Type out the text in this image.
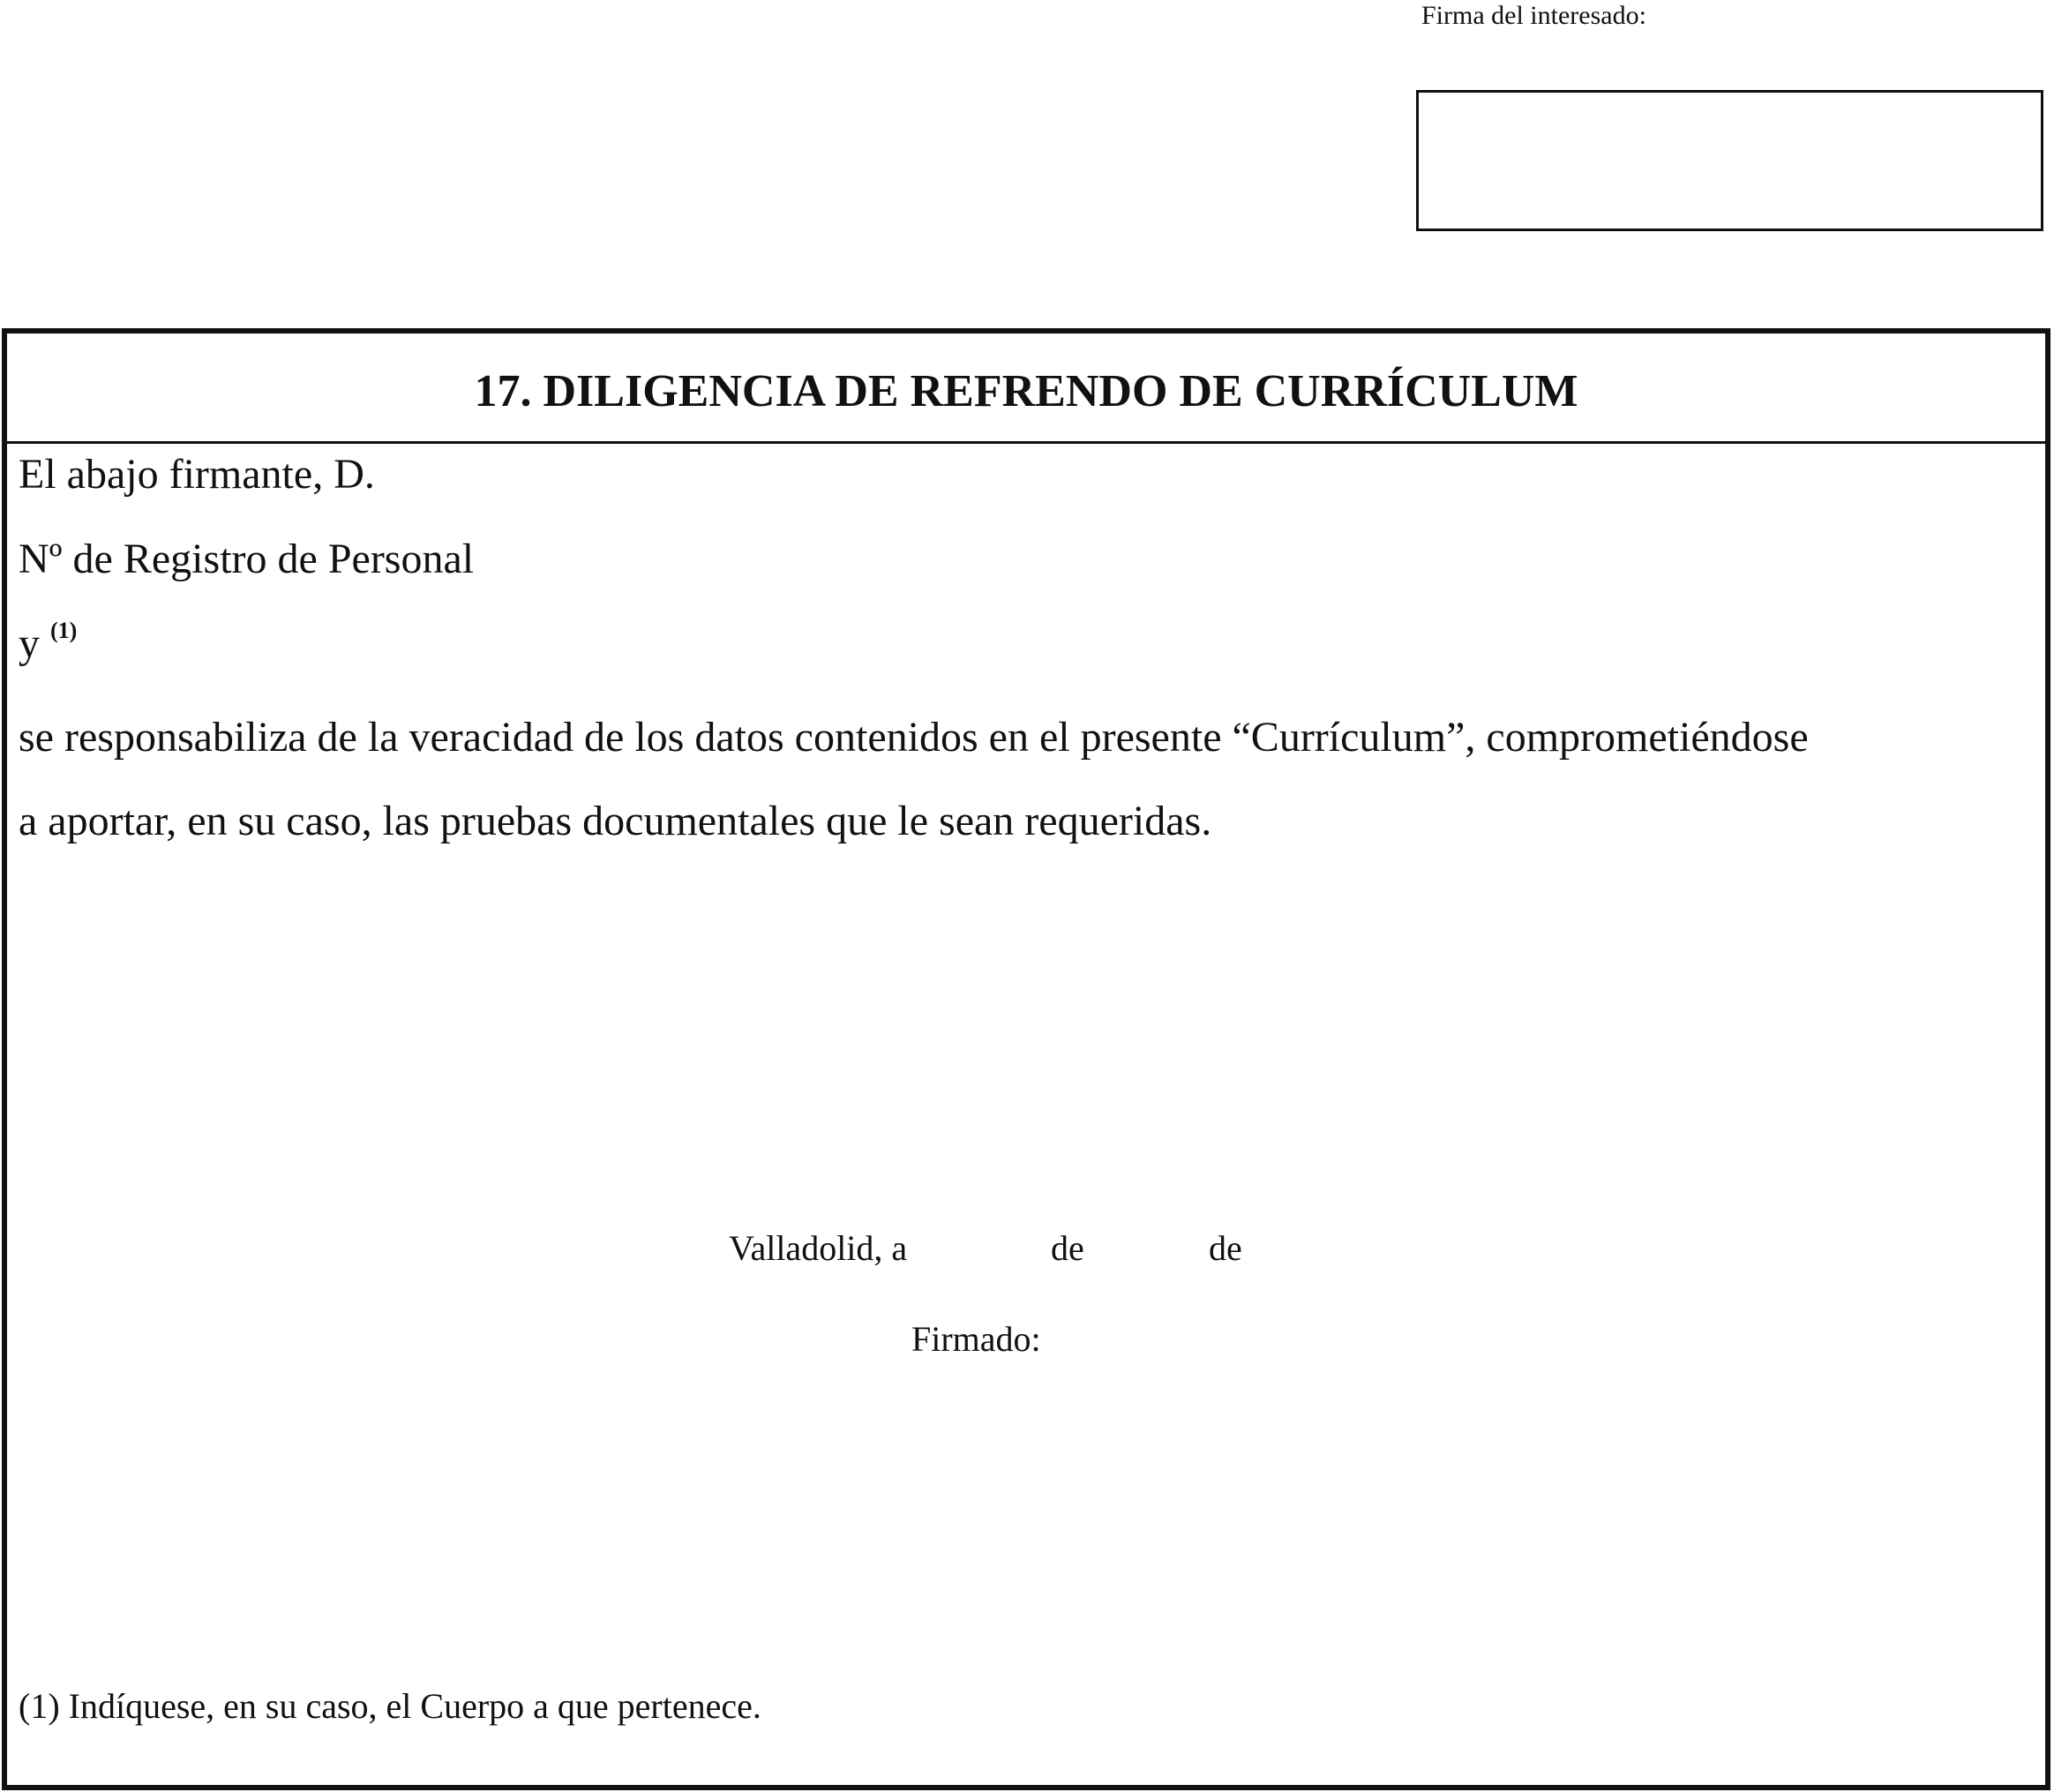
Firma del interesado:
17. DILIGENCIA DE REFRENDO DE CURRÍCULUM
El abajo firmante, D.
Nº de Registro de Personal
y $^{(1)}$
se responsabiliza de la veracidad de los datos contenidos en el presente “Currículum”, comprometiéndose
a aportar, en su caso, las pruebas documentales que le sean requeridas.
Valladolid, a	de	de
Firmado:
(1) Indíquese, en su caso, el Cuerpo a que pertenece.
